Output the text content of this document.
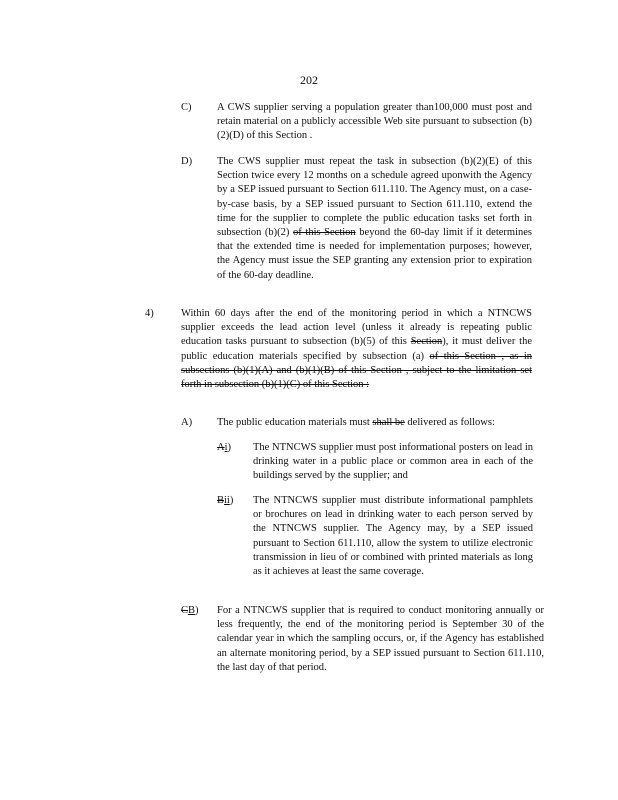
202
C) A CWS supplier serving a population greater than100,000 must post and retain material on a publicly accessible Web site pursuant to subsection (b)(2)(D) of this Section .
D) The CWS supplier must repeat the task in subsection (b)(2)(E) of this Section twice every 12 months on a schedule agreed uponwith the Agency by a SEP issued pursuant to Section 611.110. The Agency must, on a case-by-case basis, by a SEP issued pursuant to Section 611.110, extend the time for the supplier to complete the public education tasks set forth in subsection (b)(2) of this Section beyond the 60-day limit if it determines that the extended time is needed for implementation purposes; however, the Agency must issue the SEP granting any extension prior to expiration of the 60-day deadline.
4)	Within 60 days after the end of the monitoring period in which a NTNCWS supplier exceeds the lead action level (unless it already is repeating public education tasks pursuant to subsection (b)(5) of this Section), it must deliver the public education materials specified by subsection (a) of this Section , as in subsections (b)(1)(A) and (b)(1)(B) of this Section , subject to the limitation set forth in subsection (b)(1)(C) of this Section :
A) The public education materials must shall be delivered as follows:
Ai) The NTNCWS supplier must post informational posters on lead in drinking water in a public place or common area in each of the buildings served by the supplier; and
Bii) The NTNCWS supplier must distribute informational pamphlets or brochures on lead in drinking water to each person served by the NTNCWS supplier. The Agency may, by a SEP issued pursuant to Section 611.110, allow the system to utilize electronic transmission in lieu of or combined with printed materials as long as it achieves at least the same coverage.
CB) For a NTNCWS supplier that is required to conduct monitoring annually or less frequently, the end of the monitoring period is September 30 of the calendar year in which the sampling occurs, or, if the Agency has established an alternate monitoring period, by a SEP issued pursuant to Section 611.110, the last day of that period.
